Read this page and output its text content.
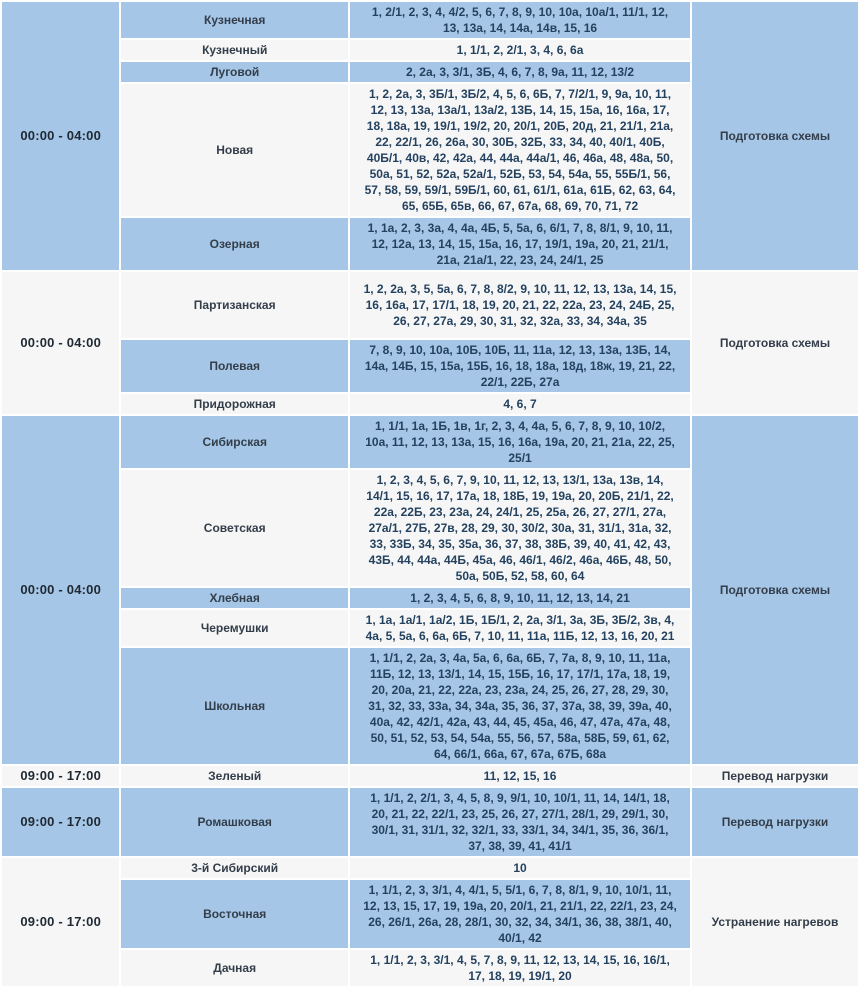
00:00 - 04:00	Кузнечная	1, 2/1, 2, 3, 4, 4/2, 5, 6, 7, 8, 9, 10, 10а, 10а/1, 11/1, 12, 13, 13а, 14, 14а, 14в, 15, 16	Подготовка схемы
	Кузнечный	1, 1/1, 2, 2/1, 3, 4, 6, 6а	
	Луговой	2, 2а, 3, 3/1, 3Б, 4, 6, 7, 8, 9а, 11, 12, 13/2	
	Новая	1, 2, 2а, 3, 3Б/1, 3Б/2, 4, 5, 6, 6Б, 7, 7/2/1, 9, 9а, 10, 11, 12, 13, 13а, 13а/1, 13а/2, 13Б, 14, 15, 15а, 16, 16а, 17, 18, 18а, 19, 19/1, 19/2, 20, 20/1, 20Б, 20д, 21, 21/1, 21а, 22, 22/1, 26, 26а, 30, 30Б, 32Б, 33, 34, 40, 40/1, 40Б, 40Б/1, 40в, 42, 42а, 44, 44а, 44а/1, 46, 46а, 48, 48а, 50, 50а, 51, 52, 52а, 52а/1, 52Б, 53, 54, 54а, 55, 55Б/1, 56, 57, 58, 59, 59/1, 59Б/1, 60, 61, 61/1, 61а, 61Б, 62, 63, 64, 65, 65Б, 65в, 66, 67, 67а, 68, 69, 70, 71, 72	
	Озерная	1, 1а, 2, 3, 3а, 4, 4а, 4Б, 5, 5а, 6, 6/1, 7, 8, 8/1, 9, 10, 11, 12, 12а, 13, 14, 15, 15а, 16, 17, 19/1, 19а, 20, 21, 21/1, 21а, 21а/1, 22, 23, 24, 24/1, 25	
00:00 - 04:00	Партизанская	1, 2, 2а, 3, 5, 5а, 6, 7, 8, 8/2, 9, 10, 11, 12, 13, 13а, 14, 15, 16, 16а, 17, 17/1, 18, 19, 20, 21, 22, 22а, 23, 24, 24Б, 25, 26, 27, 27а, 29, 30, 31, 32, 32а, 33, 34, 34а, 35	Подготовка схемы
	Полевая	7, 8, 9, 10, 10а, 10Б, 10Б, 11, 11а, 12, 13, 13а, 13Б, 14, 14а, 14Б, 15, 15а, 15Б, 16, 18, 18а, 18д, 18ж, 19, 21, 22, 22/1, 22Б, 27а	
	Придорожная	4, 6, 7	
00:00 - 04:00	Сибирская	1, 1/1, 1а, 1Б, 1в, 1г, 2, 3, 4, 4а, 5, 6, 7, 8, 9, 10, 10/2, 10а, 11, 12, 13, 13а, 15, 16, 16а, 19а, 20, 21, 21а, 22, 25, 25/1	Подготовка схемы
	Советская	1, 2, 3, 4, 5, 6, 7, 9, 10, 11, 12, 13, 13/1, 13а, 13в, 14, 14/1, 15, 16, 17, 17а, 18, 18Б, 19, 19а, 20, 20Б, 21/1, 22, 22а, 22Б, 23, 23а, 24, 24/1, 25, 25а, 26, 27, 27/1, 27а, 27а/1, 27Б, 27в, 28, 29, 30, 30/2, 30а, 31, 31/1, 31а, 32, 33, 33Б, 34, 35, 35а, 36, 37, 38, 38Б, 39, 40, 41, 42, 43, 43Б, 44, 44а, 44Б, 45а, 46, 46/1, 46/2, 46а, 46Б, 48, 50, 50а, 50Б, 52, 58, 60, 64	
	Хлебная	1, 2, 3, 4, 5, 6, 8, 9, 10, 11, 12, 13, 14, 21	
	Черемушки	1, 1а, 1а/1, 1а/2, 1Б, 1Б/1, 2, 2а, 3/1, 3а, 3Б, 3Б/2, 3в, 4, 4а, 5, 5а, 6, 6а, 6Б, 7, 10, 11, 11а, 11Б, 12, 13, 16, 20, 21	
	Школьная	1, 1/1, 2, 2а, 3, 4а, 5а, 6, 6а, 6Б, 7, 7а, 8, 9, 10, 11, 11а, 11Б, 12, 13, 13/1, 14, 15, 15Б, 16, 17, 17/1, 17а, 18, 19, 20, 20а, 21, 22, 22а, 23, 23а, 24, 25, 26, 27, 28, 29, 30, 31, 32, 33, 33а, 34, 34а, 35, 36, 37, 37а, 38, 39, 39а, 40, 40а, 42, 42/1, 42а, 43, 44, 45, 45а, 46, 47, 47а, 47а, 48, 50, 51, 52, 53, 54, 54а, 55, 56, 57, 58а, 58Б, 59, 61, 62, 64, 66/1, 66а, 67, 67а, 67Б, 68а	
09:00 - 17:00	Зеленый	11, 12, 15, 16	Перевод нагрузки
09:00 - 17:00	Ромашковая	1, 1/1, 2, 2/1, 3, 4, 5, 8, 9, 9/1, 10, 10/1, 11, 14, 14/1, 18, 20, 21, 22, 22/1, 23, 25, 26, 27, 27/1, 28/1, 29, 29/1, 30, 30/1, 31, 31/1, 32, 32/1, 33, 33/1, 34, 34/1, 35, 36, 36/1, 37, 38, 39, 41, 41/1	Перевод нагрузки
09:00 - 17:00	3-й Сибирский	10	Устранение нагревов
	Восточная	1, 1/1, 2, 3, 3/1, 4, 4/1, 5, 5/1, 6, 7, 8, 8/1, 9, 10, 10/1, 11, 12, 13, 15, 17, 19, 19а, 20, 20/1, 21, 21/1, 22, 22/1, 23, 24, 26, 26/1, 26а, 28, 28/1, 30, 32, 34, 34/1, 36, 38, 38/1, 40, 40/1, 42	
	Дачная	1, 1/1, 2, 3, 3/1, 4, 5, 7, 8, 9, 11, 12, 13, 14, 15, 16, 16/1, 17, 18, 19, 19/1, 20	
